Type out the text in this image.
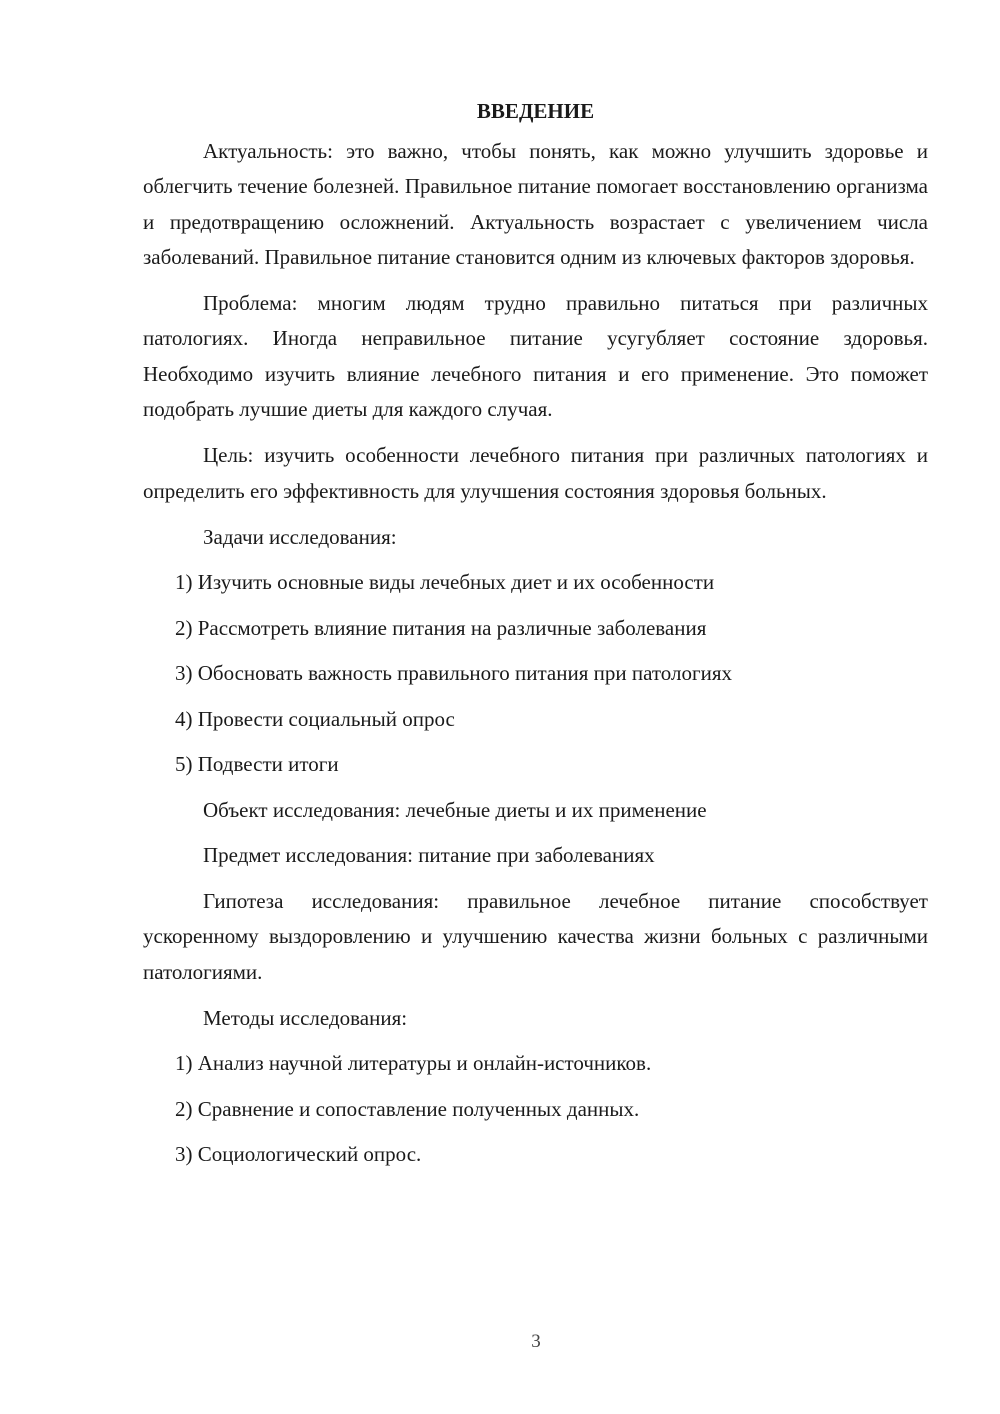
ВВЕДЕНИЕ

Актуальность: это важно, чтобы понять, как можно улучшить здоровье и облегчить течение болезней. Правильное питание помогает восстановлению организма и предотвращению осложнений. Актуальность возрастает с увеличением числа заболеваний. Правильное питание становится одним из ключевых факторов здоровья.

Проблема: многим людям трудно правильно питаться при различных патологиях. Иногда неправильное питание усугубляет состояние здоровья. Необходимо изучить влияние лечебного питания и его применение. Это поможет подобрать лучшие диеты для каждого случая.

Цель: изучить особенности лечебного питания при различных патологиях и определить его эффективность для улучшения состояния здоровья больных.

Задачи исследования:
1) Изучить основные виды лечебных диет и их особенности
2) Рассмотреть влияние питания на различные заболевания
3) Обосновать важность правильного питания при патологиях
4) Провести социальный опрос
5) Подвести итоги
Объект исследования: лечебные диеты и их применение
Предмет исследования: питание при заболеваниях

Гипотеза исследования: правильное лечебное питание способствует ускоренному выздоровлению и улучшению качества жизни больных с различными патологиями.

Методы исследования:
1) Анализ научной литературы и онлайн-источников.
2) Сравнение и сопоставление полученных данных.
3) Социологический опрос.
3
